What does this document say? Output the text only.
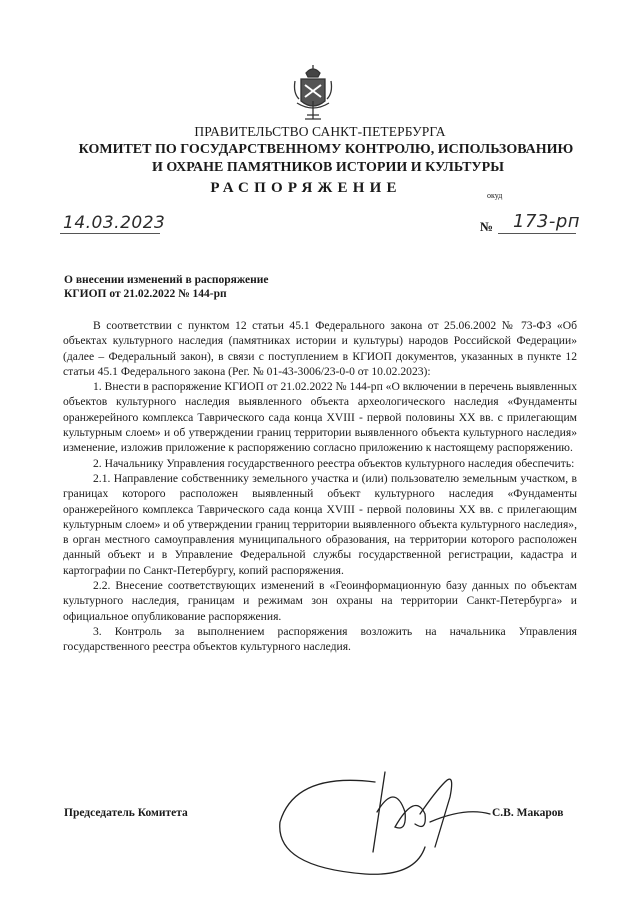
ПРАВИТЕЛЬСТВО САНКТ-ПЕТЕРБУРГА
КОМИТЕТ ПО ГОСУДАРСТВЕННОМУ КОНТРОЛЮ, ИСПОЛЬЗОВАНИЮ
И ОХРАНЕ ПАМЯТНИКОВ ИСТОРИИ И КУЛЬТУРЫ
РАСПОРЯЖЕНИЕ	окуд
14.03.2023	№ 173-рп
О внесении изменений в распоряжение
КГИОП от 21.02.2022 № 144-рп

В соответствии с пунктом 12 статьи 45.1 Федерального закона от 25.06.2002 № 73-ФЗ «Об объектах культурного наследия (памятниках истории и культуры) народов Российской Федерации» (далее – Федеральный закон), в связи с поступлением в КГИОП документов, указанных в пункте 12 статьи 45.1 Федерального закона (Рег. № 01-43-3006/23-0-0 от 10.02.2023):

1. Внести в распоряжение КГИОП от 21.02.2022 № 144-рп «О включении в перечень выявленных объектов культурного наследия выявленного объекта археологического наследия «Фундаменты оранжерейного комплекса Таврического сада конца XVIII - первой половины XX вв. с прилегающим культурным слоем» и об утверждении границ территории выявленного объекта культурного наследия» изменение, изложив приложение к распоряжению согласно приложению к настоящему распоряжению.

2. Начальнику Управления государственного реестра объектов культурного наследия обеспечить:

2.1. Направление собственнику земельного участка и (или) пользователю земельным участком, в границах которого расположен выявленный объект культурного наследия «Фундаменты оранжерейного комплекса Таврического сада конца XVIII - первой половины XX вв. с прилегающим культурным слоем» и об утверждении границ территории выявленного объекта культурного наследия», в орган местного самоуправления муниципального образования, на территории которого расположен данный объект и в Управление Федеральной службы государственной регистрации, кадастра и картографии по Санкт-Петербургу, копий распоряжения.

2.2. Внесение соответствующих изменений в «Геоинформационную базу данных по объектам культурного наследия, границам и режимам зон охраны на территории Санкт-Петербурга» и официальное опубликование распоряжения.

3. Контроль за выполнением распоряжения возложить на начальника Управления государственного реестра объектов культурного наследия.

Председатель Комитета	С.В. Макаров
